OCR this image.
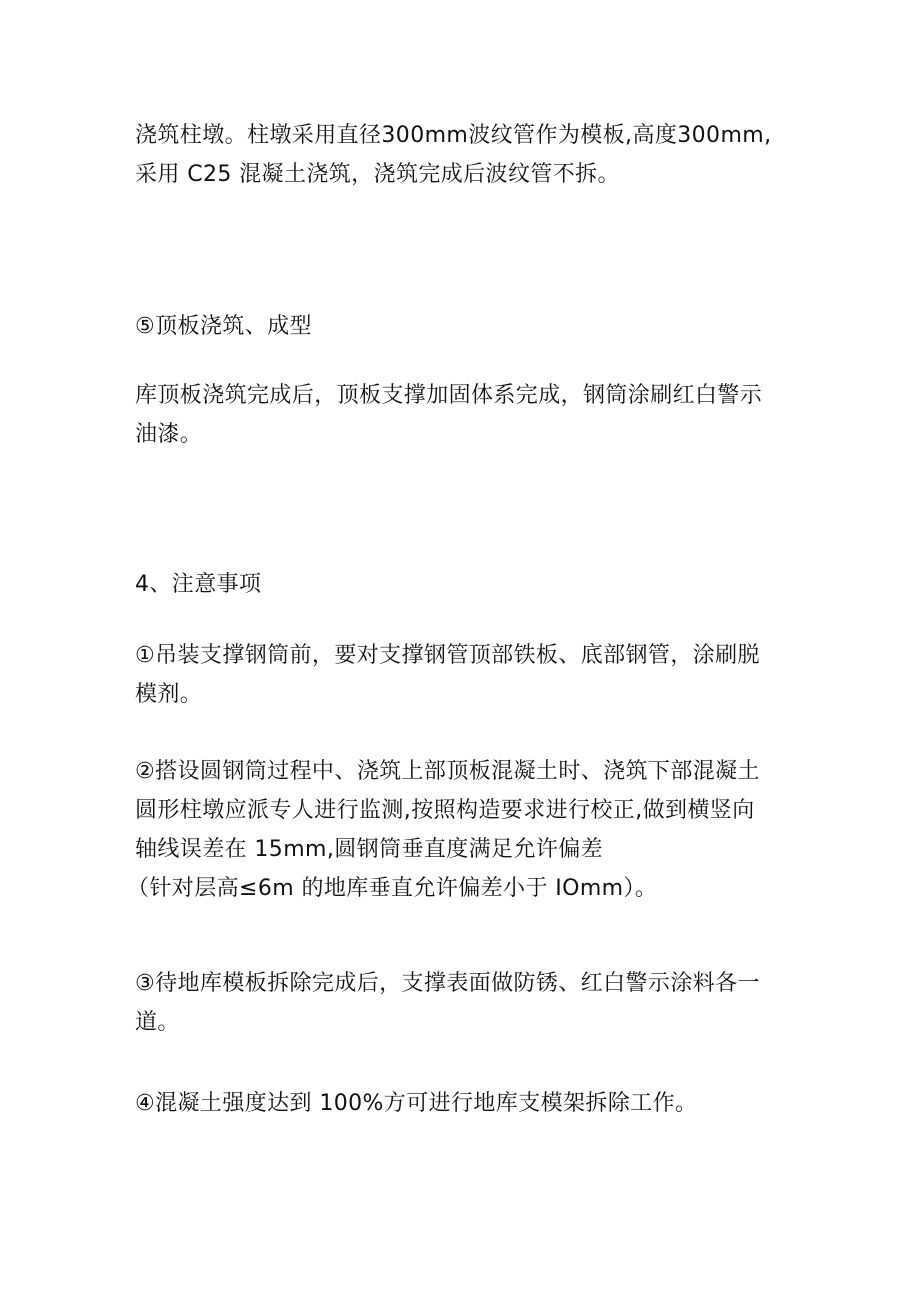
浇筑柱墩。柱墩采用直径300mm波纹管作为模板,高度300mm,
采用 C25 混凝土浇筑，浇筑完成后波纹管不拆。

⑤顶板浇筑、成型

库顶板浇筑完成后，顶板支撑加固体系完成，钢筒涂刷红白警示
油漆。

4、注意事项

①吊装支撑钢筒前，要对支撑钢管顶部铁板、底部钢管，涂刷脱
模剂。

②搭设圆钢筒过程中、浇筑上部顶板混凝土时、浇筑下部混凝土
圆形柱墩应派专人进行监测,按照构造要求进行校正,做到横竖向
轴线误差在 15mm,圆钢筒垂直度满足允许偏差
（针对层高≤6m 的地库垂直允许偏差小于 IOmm）。

③待地库模板拆除完成后，支撑表面做防锈、红白警示涂料各一
道。

④混凝土强度达到 100%方可进行地库支模架拆除工作。
